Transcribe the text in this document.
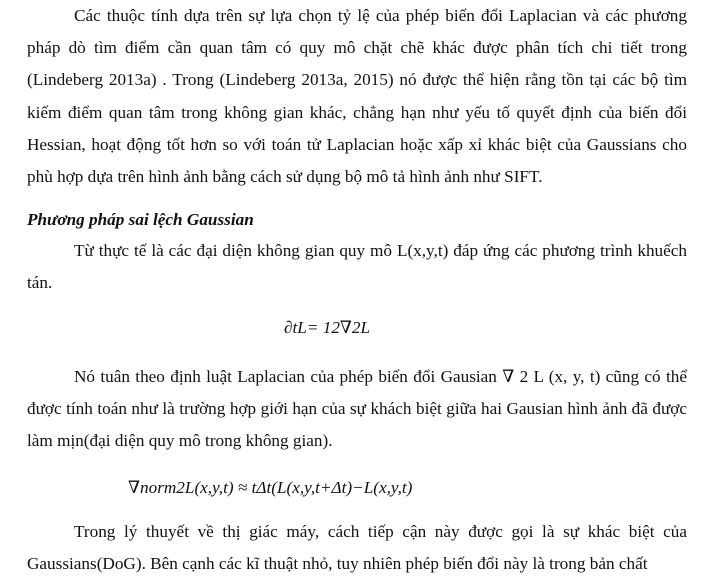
Các thuộc tính dựa trên sự lựa chọn tỷ lệ của phép biến đổi Laplacian và các phương pháp dò tìm điểm cần quan tâm có quy mô chặt chẽ khác được phân tích chi tiết trong (Lindeberg 2013a) . Trong (Lindeberg 2013a, 2015) nó được thể hiện rằng tồn tại các bộ tìm kiếm điểm quan tâm trong không gian khác, chẳng hạn như yếu tố quyết định của biến đổi Hessian, hoạt động tốt hơn so với toán tử Laplacian hoặc xấp xỉ khác biệt của Gaussians cho phù hợp dựa trên hình ảnh bằng cách sử dụng bộ mô tả hình ảnh như SIFT.

Phương pháp sai lệch Gaussian

Từ thực tế là các đại diện không gian quy mô L(x,y,t) đáp ứng các phương trình khuếch tán.

∂tL= 12∇2L

Nó tuân theo định luật Laplacian của phép biến đổi Gausian ∇ 2 L (x, y, t) cũng có thể được tính toán như là trường hợp giới hạn của sự khách biệt giữa hai Gausian hình ảnh đã được làm mịn(đại diện quy mô trong không gian).

∇norm2L(x,y,t) ≈ tΔt(L(x,y,t+Δt)−L(x,y,t)

Trong lý thuyết về thị giác máy, cách tiếp cận này được gọi là sự khác biệt của Gaussians(DoG). Bên cạnh các kĩ thuật nhỏ, tuy nhiên phép biến đổi này là trong bản chất
